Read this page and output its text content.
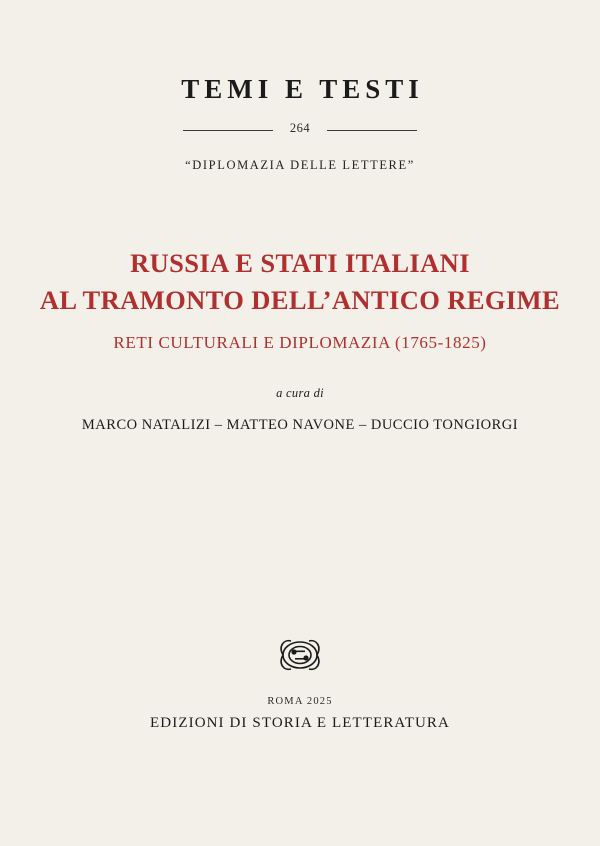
TEMI E TESTI
264
“DIPLOMAZIA DELLE LETTERE”
RUSSIA E STATI ITALIANI
AL TRAMONTO DELL’ANTICO REGIME
RETI CULTURALI E DIPLOMAZIA (1765-1825)
a cura di
MARCO NATALIZI – MATTEO NAVONE – DUCCIO TONGIORGI
ROMA 2025
EDIZIONI DI STORIA E LETTERATURA
